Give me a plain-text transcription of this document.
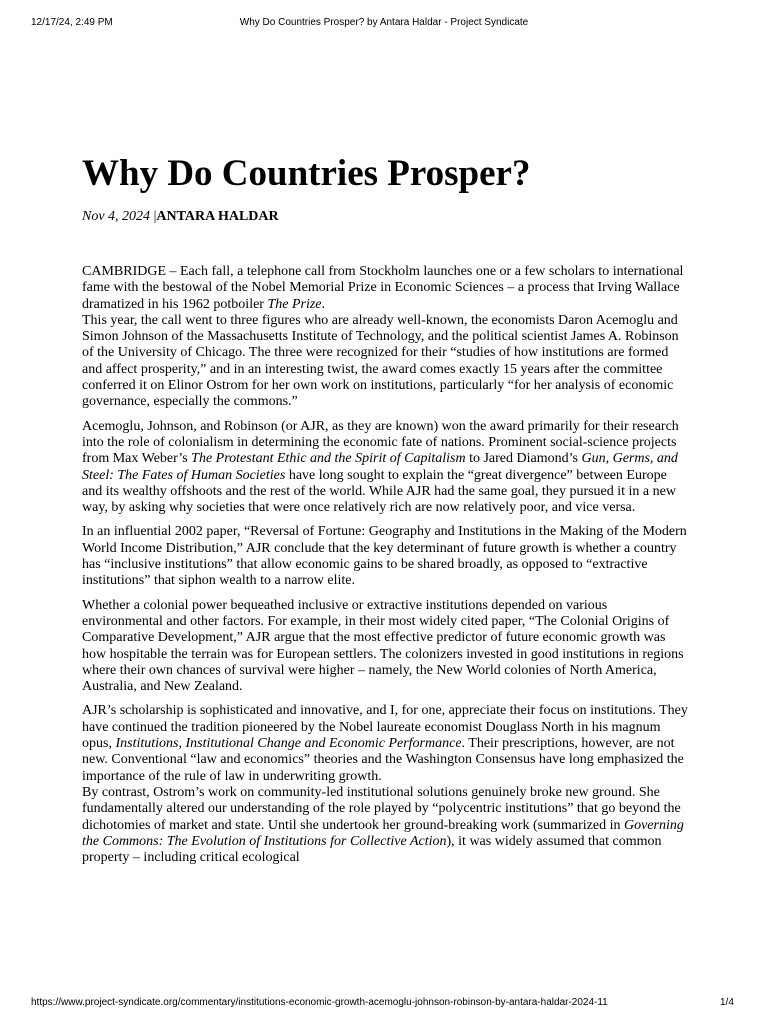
12/17/24, 2:49 PM	Why Do Countries Prosper? by Antara Haldar - Project Syndicate
Why Do Countries Prosper?
Nov 4, 2024 |ANTARA HALDAR

CAMBRIDGE – Each fall, a telephone call from Stockholm launches one or a few scholars to international fame with the bestowal of the Nobel Memorial Prize in Economic Sciences – a process that Irving Wallace dramatized in his 1962 potboiler The Prize.

This year, the call went to three figures who are already well-known, the economists Daron Acemoglu and Simon Johnson of the Massachusetts Institute of Technology, and the political scientist James A. Robinson of the University of Chicago. The three were recognized for their “studies of how institutions are formed and affect prosperity,” and in an interesting twist, the award comes exactly 15 years after the committee conferred it on Elinor Ostrom for her own work on institutions, particularly “for her analysis of economic governance, especially the commons.”

Acemoglu, Johnson, and Robinson (or AJR, as they are known) won the award primarily for their research into the role of colonialism in determining the economic fate of nations. Prominent social-science projects from Max Weber’s The Protestant Ethic and the Spirit of Capitalism to Jared Diamond’s Gun, Germs, and Steel: The Fates of Human Societies have long sought to explain the “great divergence” between Europe and its wealthy offshoots and the rest of the world. While AJR had the same goal, they pursued it in a new way, by asking why societies that were once relatively rich are now relatively poor, and vice versa.

In an influential 2002 paper, “Reversal of Fortune: Geography and Institutions in the Making of the Modern World Income Distribution,” AJR conclude that the key determinant of future growth is whether a country has “inclusive institutions” that allow economic gains to be shared broadly, as opposed to “extractive institutions” that siphon wealth to a narrow elite.

Whether a colonial power bequeathed inclusive or extractive institutions depended on various environmental and other factors. For example, in their most widely cited paper, “The Colonial Origins of Comparative Development,” AJR argue that the most effective predictor of future economic growth was how hospitable the terrain was for European settlers. The colonizers invested in good institutions in regions where their own chances of survival were higher – namely, the New World colonies of North America, Australia, and New Zealand.

AJR’s scholarship is sophisticated and innovative, and I, for one, appreciate their focus on institutions. They have continued the tradition pioneered by the Nobel laureate economist Douglass North in his magnum opus, Institutions, Institutional Change and Economic Performance. Their prescriptions, however, are not new. Conventional “law and economics” theories and the Washington Consensus have long emphasized the importance of the rule of law in underwriting growth.

By contrast, Ostrom’s work on community-led institutional solutions genuinely broke new ground. She fundamentally altered our understanding of the role played by “polycentric institutions” that go beyond the dichotomies of market and state. Until she undertook her ground-breaking work (summarized in Governing the Commons: The Evolution of Institutions for Collective Action), it was widely assumed that common property – including critical ecological

https://www.project-syndicate.org/commentary/institutions-economic-growth-acemoglu-johnson-robinson-by-antara-haldar-2024-11	1/4
